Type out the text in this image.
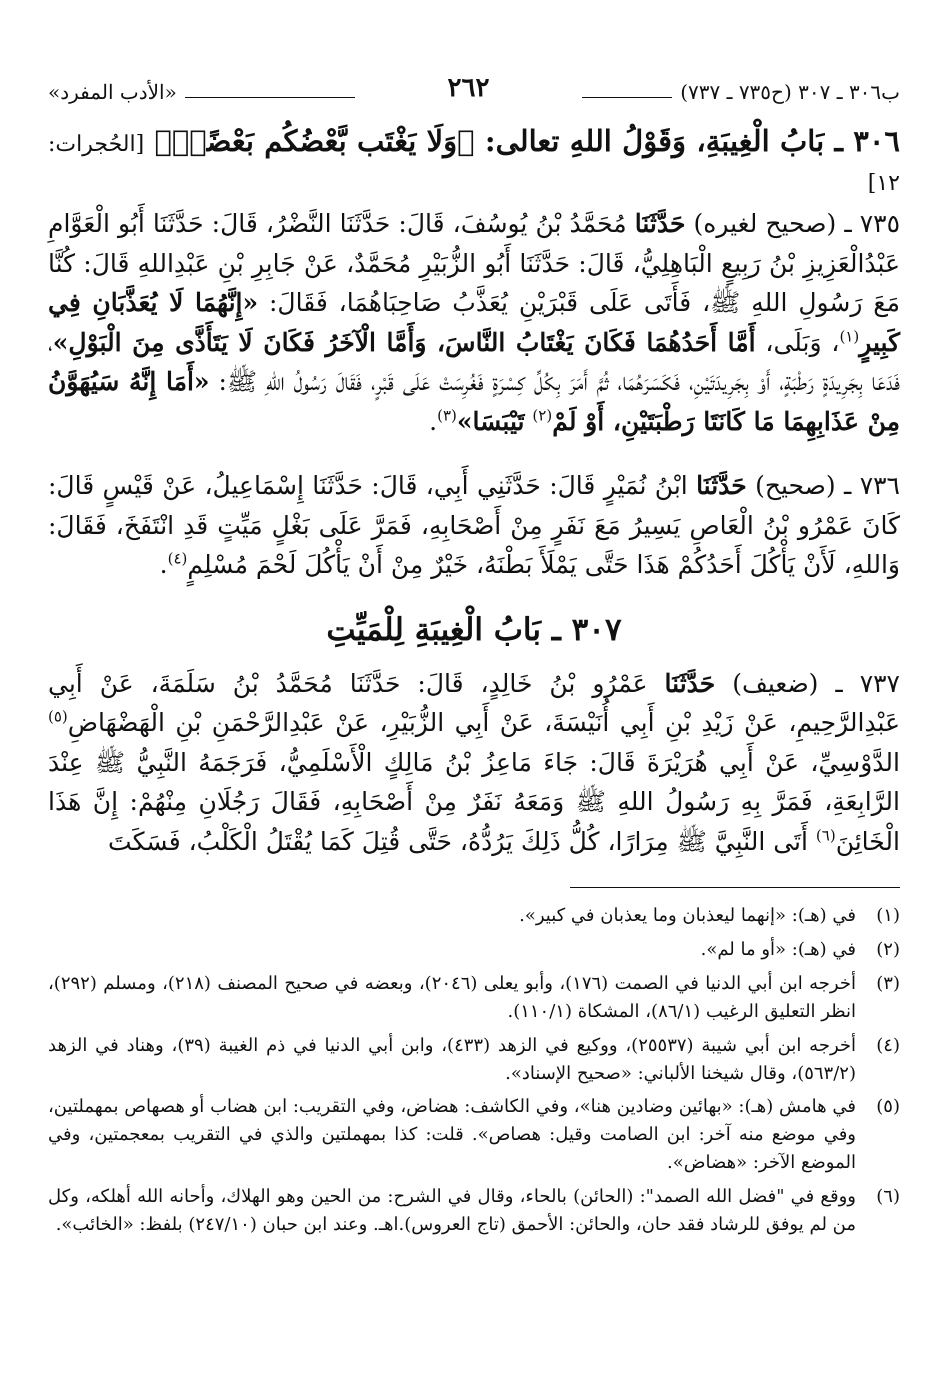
ب٣٠٦ ـ ٣٠٧ (ح٧٣٥ ـ ٧٣٧)
٢٦٢
«الأدب المفرد»
٣٠٦ ـ بَابُ الْغِيبَةِ، وَقَوْلُ اللهِ تعالى: ﴿وَلَا يَغْتَب بَّعْضُكُم بَعْضًاۚ﴾ [الحُجرات: ١٢]

٧٣٥ ـ (صحيح لغيره) حَدَّثَنَا مُحَمَّدُ بْنُ يُوسُفَ، قَالَ: حَدَّثَنَا النَّضْرُ، قَالَ: حَدَّثَنَا أَبُو الْعَوَّامِ عَبْدُالْعَزِيزِ بْنُ رَبِيعٍ الْبَاهِلِيُّ، قَالَ: حَدَّثَنَا أَبُو الزُّبَيْرِ مُحَمَّدٌ، عَنْ جَابِرِ بْنِ عَبْدِاللهِ قَالَ: كُنَّا مَعَ رَسُولِ اللهِ ﷺ، فَأَتَى عَلَى قَبْرَيْنِ يُعَذَّبُ صَاحِبَاهُمَا، فَقَالَ: «إِنَّهُمَا لَا يُعَذَّبَانِ فِي كَبِيرٍ$^{(١)}$، وَبَلَى، أَمَّا أَحَدُهُمَا فَكَانَ يَغْتَابُ النَّاسَ، وَأَمَّا الْآخَرُ فَكَانَ لَا يَتَأَذَّى مِنَ الْبَوْلِ»، فَدَعَا بِجَرِيدَةٍ رَطْبَةٍ، أَوْ بِجَرِيدَتَيْنِ، فَكَسَرَهُمَا، ثُمَّ أَمَرَ بِكُلِّ كِسْرَةٍ فَغُرِسَتْ عَلَى قَبْرٍ، فَقَالَ رَسُولُ اللهِ ﷺ: «أَمَا إِنَّهُ سَيُهَوَّنُ مِنْ عَذَابِهِمَا مَا كَانَتَا رَطْبَتَيْنِ، أَوْ لَمْ$^{(٢)}$ تَيْبَسَا»$^{(٣)}$.

٧٣٦ ـ (صحيح) حَدَّثَنَا ابْنُ نُمَيْرٍ قَالَ: حَدَّثَنِي أَبِي، قَالَ: حَدَّثَنَا إِسْمَاعِيلُ، عَنْ قَيْسٍ قَالَ: كَانَ عَمْرُو بْنُ الْعَاصِ يَسِيرُ مَعَ نَفَرٍ مِنْ أَصْحَابِهِ، فَمَرَّ عَلَى بَغْلٍ مَيِّتٍ قَدِ انْتَفَخَ، فَقَالَ: وَاللهِ، لَأَنْ يَأْكُلَ أَحَدُكُمْ هَذَا حَتَّى يَمْلَأَ بَطْنَهُ، خَيْرٌ مِنْ أَنْ يَأْكُلَ لَحْمَ مُسْلِمٍ$^{(٤)}$.

٣٠٧ ـ بَابُ الْغِيبَةِ لِلْمَيِّتِ

٧٣٧ ـ (ضعيف) حَدَّثَنَا عَمْرُو بْنُ خَالِدٍ، قَالَ: حَدَّثَنَا مُحَمَّدُ بْنُ سَلَمَةَ، عَنْ أَبِي عَبْدِالرَّحِيمِ، عَنْ زَيْدِ بْنِ أَبِي أُنَيْسَةَ، عَنْ أَبِي الزُّبَيْرِ، عَنْ عَبْدِالرَّحْمَنِ بْنِ الْهَضْهَاضِ$^{(٥)}$ الدَّوْسِيِّ، عَنْ أَبِي هُرَيْرَةَ قَالَ: جَاءَ مَاعِزُ بْنُ مَالِكٍ الْأَسْلَمِيُّ، فَرَجَمَهُ النَّبِيُّ ﷺ عِنْدَ الرَّابِعَةِ، فَمَرَّ بِهِ رَسُولُ اللهِ ﷺ وَمَعَهُ نَفَرٌ مِنْ أَصْحَابِهِ، فَقَالَ رَجُلَانِ مِنْهُمْ: إِنَّ هَذَا الْخَائِنَ$^{(٦)}$ أَتَى النَّبِيَّ ﷺ مِرَارًا، كُلُّ ذَلِكَ يَرُدُّهُ، حَتَّى قُتِلَ كَمَا يُقْتَلُ الْكَلْبُ، فَسَكَتَ

(١)
في (هـ): «إنهما ليعذبان وما يعذبان في كبير».
(٢)
في (هـ): «أو ما لم».
(٣)
أخرجه ابن أبي الدنيا في الصمت (١٧٦)، وأبو يعلى (٢٠٤٦)، وبعضه في صحيح المصنف (٢١٨)، ومسلم (٢٩٢)، انظر التعليق الرغيب (٨٦/١)، المشكاة (١١٠/١).
(٤)
أخرجه ابن أبي شيبة (٢٥٥٣٧)، ووكيع في الزهد (٤٣٣)، وابن أبي الدنيا في ذم الغيبة (٣٩)، وهناد في الزهد (٥٦٣/٢)، وقال شيخنا الألباني: «صحيح الإسناد».
(٥)
في هامش (هـ): «بهائين وضادين هنا»، وفي الكاشف: هضاض، وفي التقريب: ابن هضاب أو هصهاص بمهملتين، وفي موضع منه آخر: ابن الصامت وقيل: هصاص». قلت: كذا بمهملتين والذي في التقريب بمعجمتين، وفي الموضع الآخر: «هضاض».
(٦)
ووقع في "فضل الله الصمد": (الحائن) بالحاء، وقال في الشرح: من الحين وهو الهلاك، وأحانه الله أهلكه، وكل من لم يوفق للرشاد فقد حان، والحائن: الأحمق (تاج العروس).اهـ. وعند ابن حبان (٢٤٧/١٠) بلفظ: «الخائب».
